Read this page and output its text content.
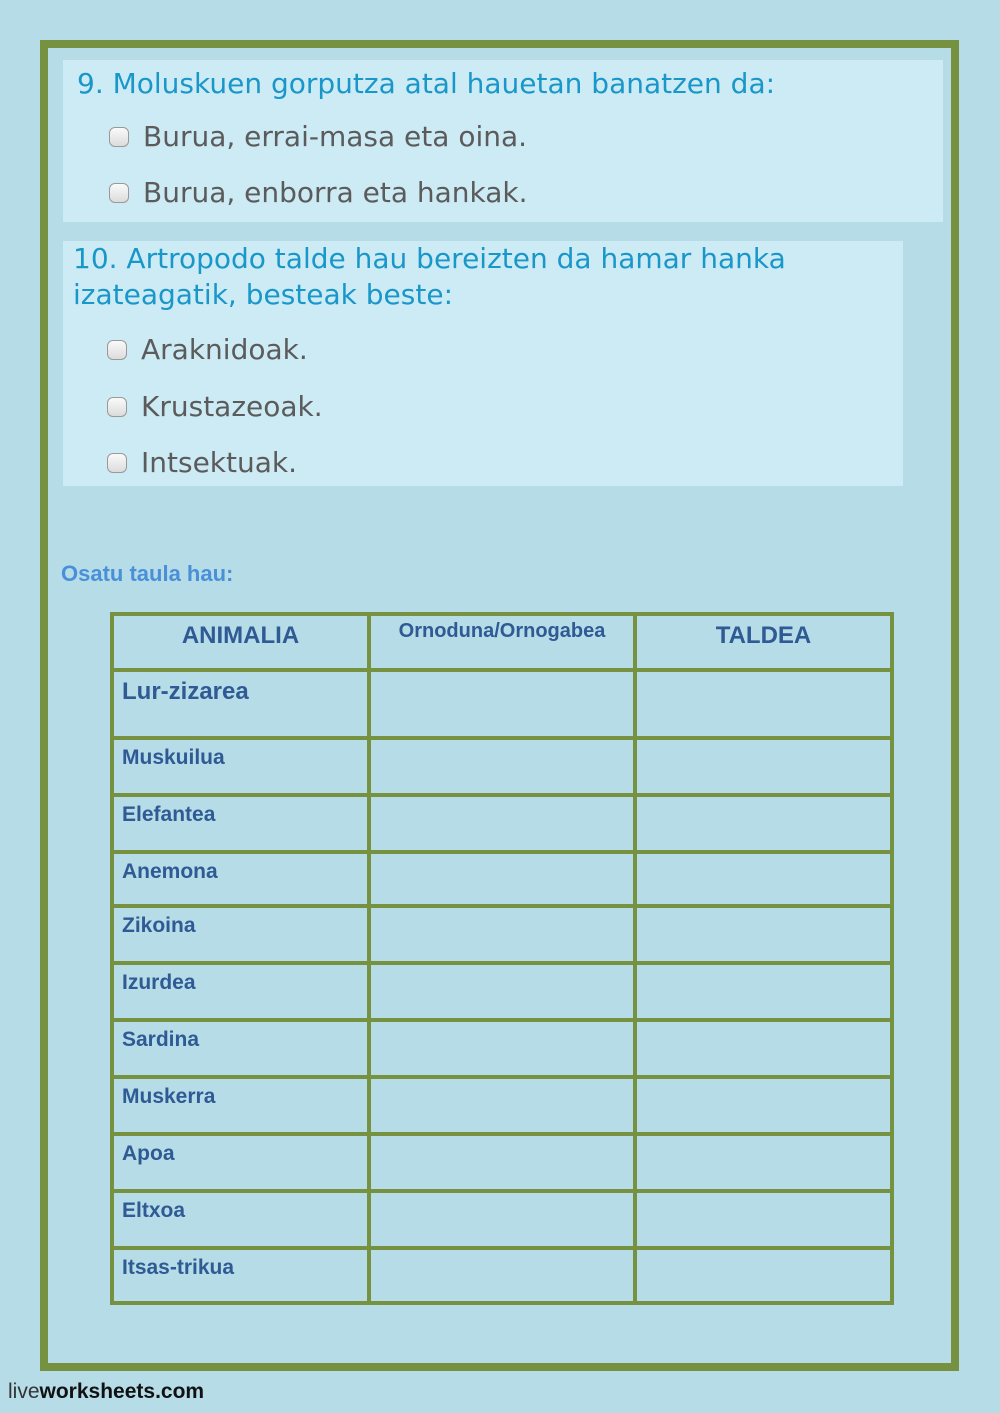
9. Moluskuen gorputza atal hauetan banatzen da:
Burua, errai-masa eta oina.
Burua, enborra eta hankak.
10. Artropodo talde hau bereizten da hamar hanka izateagatik, besteak beste:
Araknidoak.
Krustazeoak.
Intsektuak.
Osatu taula hau:
ANIMALIA	Ornoduna/Ornogabea	TALDEA

Lur-zizarea		

Muskuilua		

Elefantea		

Anemona		

Zikoina		

Izurdea		

Sardina		

Muskerra		

Apoa		

Eltxoa		

Itsas-trikua		

liveworksheets.com
